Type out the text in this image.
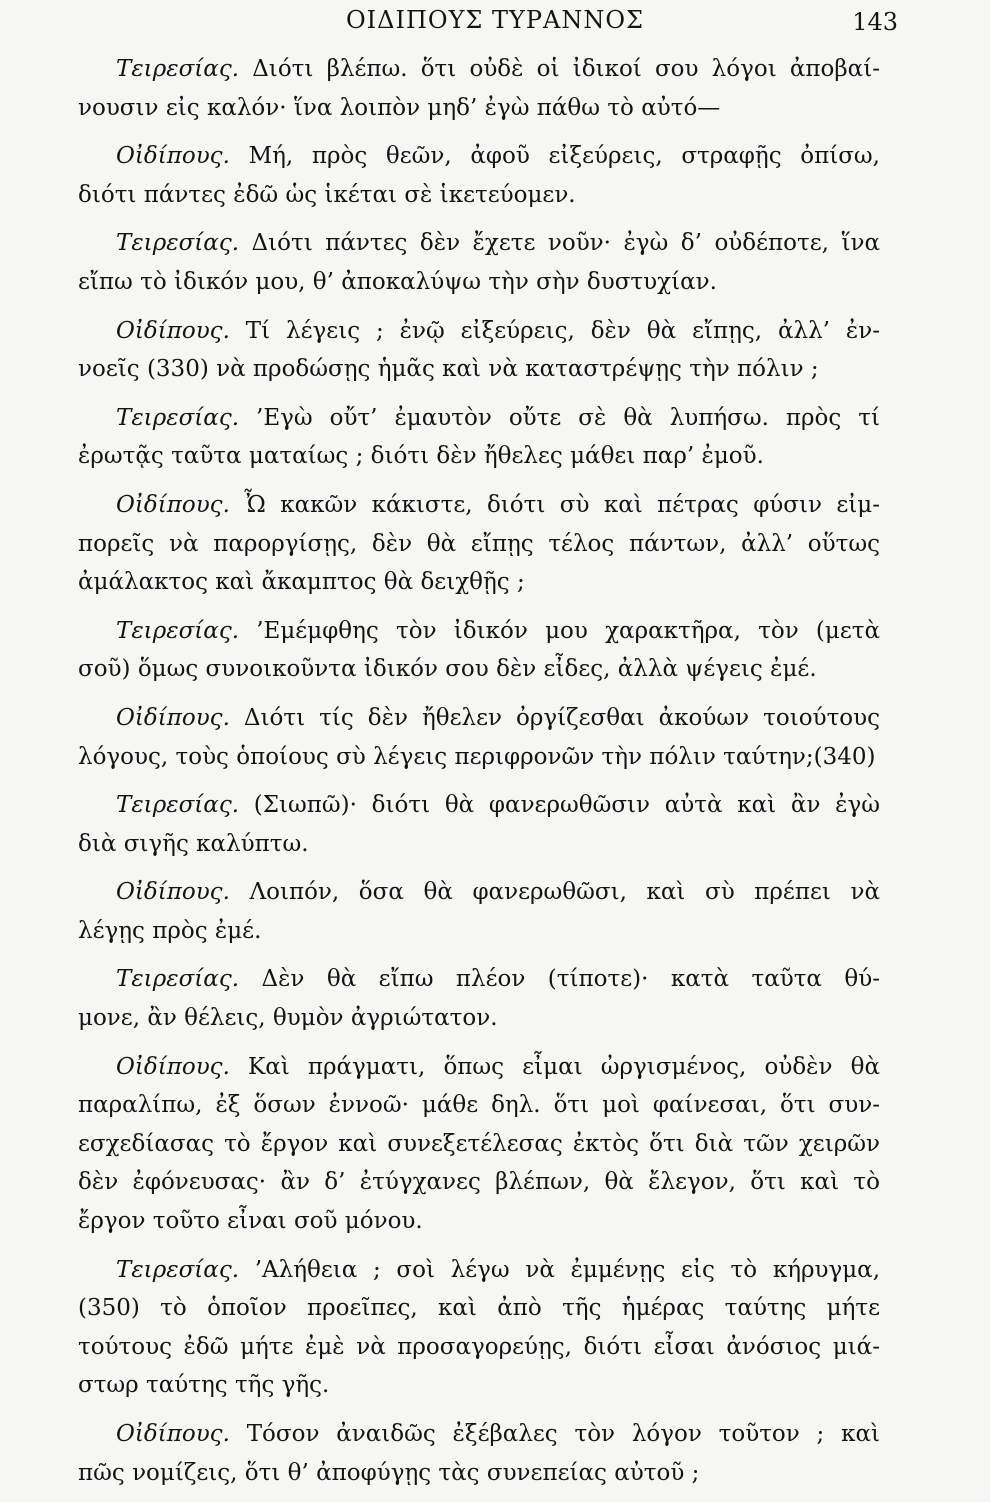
ΟΙΔΙΠΟΥΣ ΤΥΡΑΝΝΟΣ	143
Τειρεσίας. Διότι βλέπω. ὅτι οὐδὲ οἱ ἰδικοί σου λόγοι ἀποβαί-
νουσιν εἰς καλόν· ἵνα λοιπὸν μηδ’ ἐγὼ πάθω τὸ αὐτό—
Οἰδίπους. Μή, πρὸς θεῶν, ἀφοῦ εἰξεύρεις, στραφῇς ὀπίσω,
διότι πάντες ἐδῶ ὡς ἱκέται σὲ ἱκετεύομεν.
Τειρεσίας. Διότι πάντες δὲν ἔχετε νοῦν· ἐγὼ δ’ οὐδέποτε, ἵνα
εἴπω τὸ ἰδικόν μου, θ’ ἀποκαλύψω τὴν σὴν δυστυχίαν.
Οἰδίπους. Τί λέγεις ; ἐνῷ εἰξεύρεις, δὲν θὰ εἴπῃς, ἀλλ’ ἐν-
νοεῖς (330) νὰ προδώσῃς ἡμᾶς καὶ νὰ καταστρέψῃς τὴν πόλιν ;
Τειρεσίας. ’Εγὼ οὔτ’ ἐμαυτὸν οὔτε σὲ θὰ λυπήσω. πρὸς τί
ἐρωτᾷς ταῦτα ματαίως ; διότι δὲν ἤθελες μάθει παρ’ ἐμοῦ.
Οἰδίπους. Ὦ κακῶν κάκιστε, διότι σὺ καὶ πέτρας φύσιν εἰμ-
πορεῖς νὰ παροργίσῃς, δὲν θὰ εἴπῃς τέλος πάντων, ἀλλ’ οὕτως
ἀμάλακτος καὶ ἄκαμπτος θὰ δειχθῇς ;
Τειρεσίας. ’Εμέμφθης τὸν ἰδικόν μου χαρακτῆρα, τὸν (μετὰ
σοῦ) ὅμως συνοικοῦντα ἰδικόν σου δὲν εἶδες, ἀλλὰ ψέγεις ἐμέ.
Οἰδίπους. Διότι τίς δὲν ἤθελεν ὀργίζεσθαι ἀκούων τοιούτους
λόγους, τοὺς ὁποίους σὺ λέγεις περιφρονῶν τὴν πόλιν ταύτην;(340)
Τειρεσίας. (Σιωπῶ)· διότι θὰ φανερωθῶσιν αὐτὰ καὶ ἂν ἐγὼ
διὰ σιγῆς καλύπτω.
Οἰδίπους. Λοιπόν, ὅσα θὰ φανερωθῶσι, καὶ σὺ πρέπει νὰ
λέγῃς πρὸς ἐμέ.
Τειρεσίας. Δὲν θὰ εἴπω πλέον (τίποτε)· κατὰ ταῦτα θύ-
μονε, ἂν θέλεις, θυμὸν ἀγριώτατον.
Οἰδίπους. Καὶ πράγματι, ὅπως εἶμαι ὠργισμένος, οὐδὲν θὰ
παραλίπω, ἐξ ὅσων ἐννοῶ· μάθε δηλ. ὅτι μοὶ φαίνεσαι, ὅτι συν-
εσχεδίασας τὸ ἔργον καὶ συνεξετέλεσας ἐκτὸς ὅτι διὰ τῶν χειρῶν
δὲν ἐφόνευσας· ἂν δ’ ἐτύγχανες βλέπων, θὰ ἔλεγον, ὅτι καὶ τὸ
ἔργον τοῦτο εἶναι σοῦ μόνου.
Τειρεσίας. ’Αλήθεια ; σοὶ λέγω νὰ ἐμμένῃς εἰς τὸ κήρυγμα,
(350) τὸ ὁποῖον προεῖπες, καὶ ἀπὸ τῆς ἡμέρας ταύτης μήτε
τούτους ἐδῶ μήτε ἐμὲ νὰ προσαγορεύῃς, διότι εἶσαι ἀνόσιος μιά-
στωρ ταύτης τῆς γῆς.
Οἰδίπους. Τόσον ἀναιδῶς ἐξέβαλες τὸν λόγον τοῦτον ; καὶ
πῶς νομίζεις, ὅτι θ’ ἀποφύγῃς τὰς συνεπείας αὐτοῦ ;
